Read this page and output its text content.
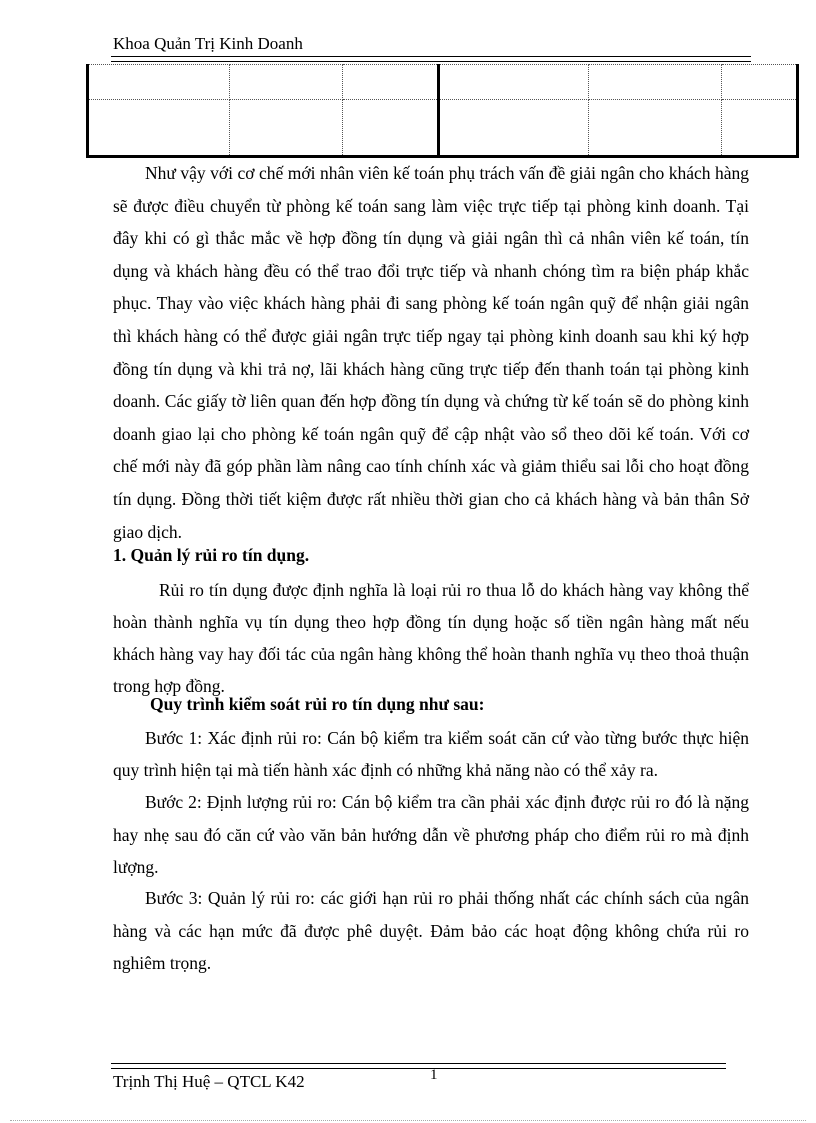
Khoa Quản Trị Kinh Doanh

Như vậy với cơ chế mới nhân viên kế toán phụ trách vấn đề giải ngân cho khách hàng sẽ được điều chuyển từ phòng kế toán sang làm việc trực tiếp tại phòng kinh doanh. Tại đây khi có gì thắc mắc về hợp đồng tín dụng và giải ngân thì cả nhân viên kế toán, tín dụng và khách hàng đều có thể trao đổi trực tiếp và nhanh chóng tìm ra biện pháp khắc phục. Thay vào việc khách hàng phải đi sang phòng kế toán ngân quỹ để nhận giải ngân thì khách hàng có thể được giải ngân trực tiếp ngay tại phòng kinh doanh sau khi ký hợp đồng tín dụng và khi trả nợ, lãi khách hàng cũng trực tiếp đến thanh toán tại phòng kinh doanh. Các giấy tờ liên quan đến hợp đồng tín dụng và chứng từ kế toán sẽ do phòng kinh doanh giao lại cho phòng kế toán ngân quỹ để cập nhật vào sổ theo dõi kế toán. Với cơ chế mới này đã góp phần làm nâng cao tính chính xác và giảm thiểu sai lỗi cho hoạt đồng tín dụng. Đồng thời tiết kiệm được rất nhiều thời gian cho cả khách hàng và bản thân Sở giao dịch.

1. Quản lý rủi ro tín dụng.

Rủi ro tín dụng được định nghĩa là loại rủi ro thua lỗ do khách hàng vay không thể hoàn thành nghĩa vụ tín dụng theo hợp đồng tín dụng hoặc số tiền ngân hàng mất nếu khách hàng vay hay đối tác của ngân hàng không thể hoàn thanh nghĩa vụ theo thoả thuận trong hợp đồng.

Quy trình kiểm soát rủi ro tín dụng như sau:

Bước 1: Xác định rủi ro: Cán bộ kiểm tra kiểm soát căn cứ vào từng bước thực hiện quy trình hiện tại mà tiến hành xác định có những khả năng nào có thể xảy ra.

Bước 2: Định lượng rủi ro: Cán bộ kiểm tra cần phải xác định được rủi ro đó là nặng hay nhẹ sau đó căn cứ vào văn bản hướng dẫn về phương pháp cho điểm rủi ro mà định lượng.

Bước 3: Quản lý rủi ro: các giới hạn rủi ro phải thống nhất các chính sách của ngân hàng và các hạn mức đã được phê duyệt. Đảm bảo các hoạt động không chứa rủi ro nghiêm trọng.

Trịnh Thị Huệ – QTCL K42	1
